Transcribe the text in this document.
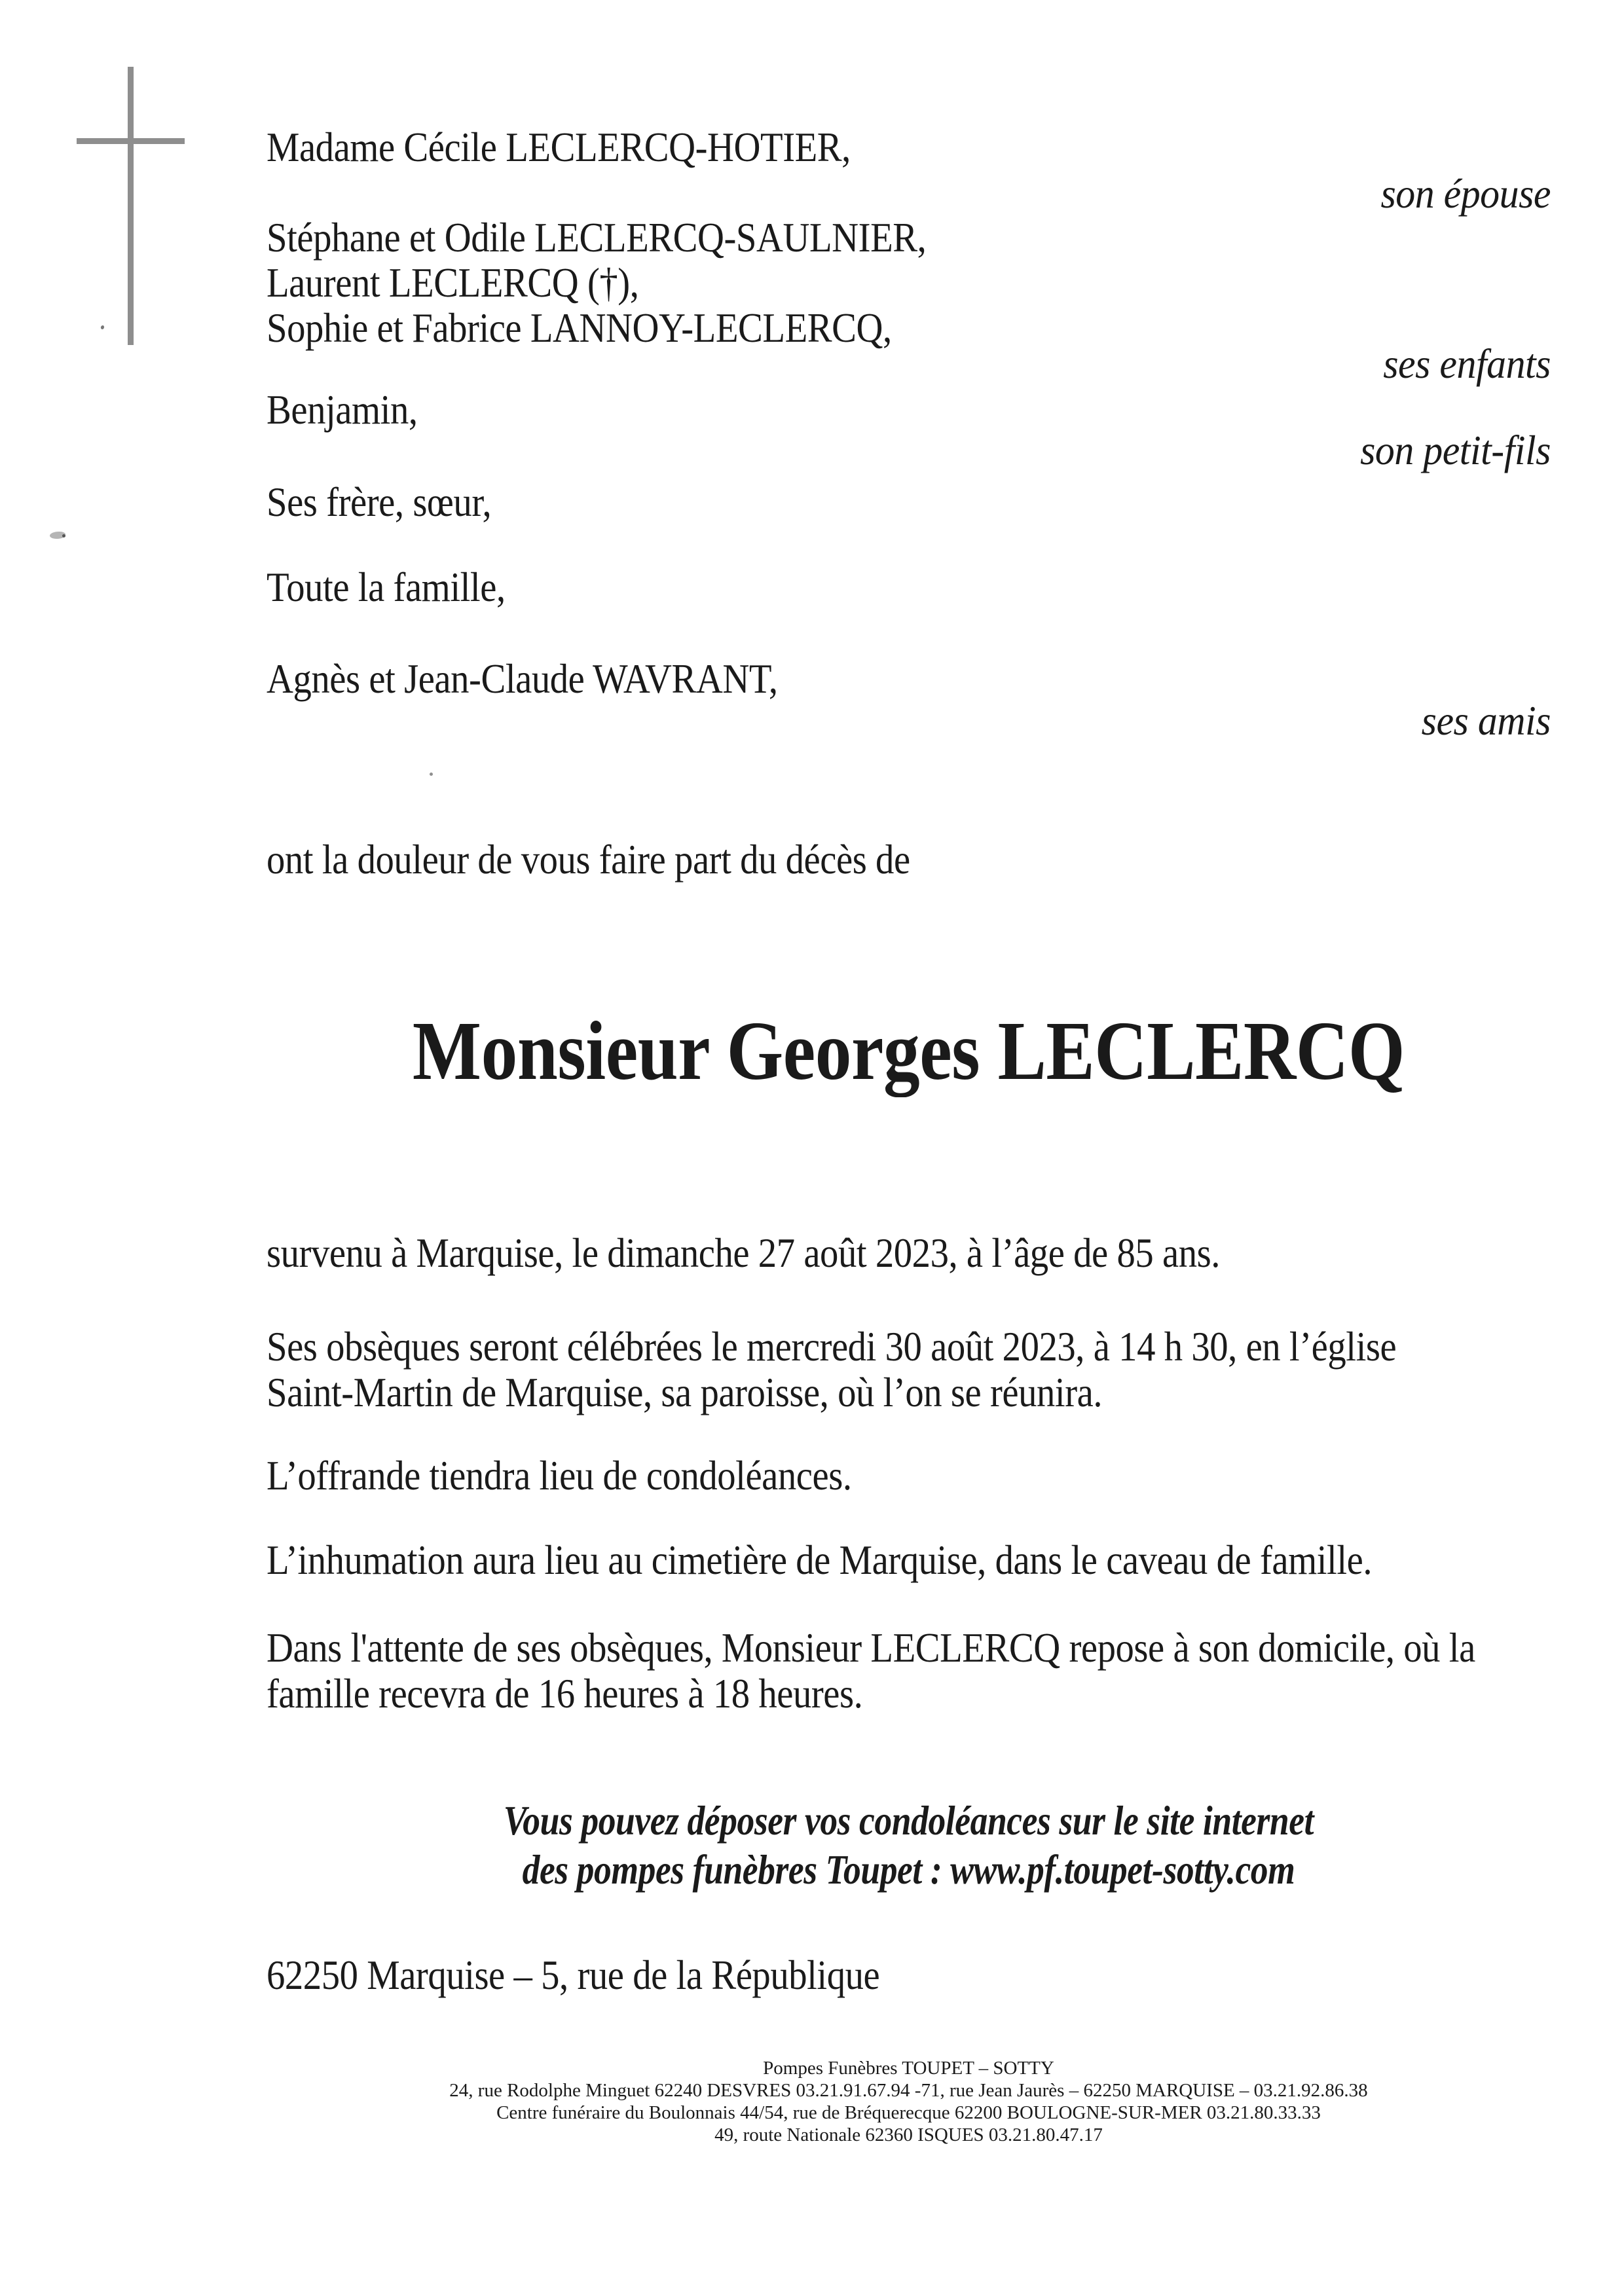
Madame Cécile LECLERCQ-HOTIER,
son épouse
Stéphane et Odile LECLERCQ-SAULNIER,
Laurent LECLERCQ (†),
Sophie et Fabrice LANNOY-LECLERCQ,
ses enfants
Benjamin,
son petit-fils
Ses frère, sœur,
Toute la famille,
Agnès et Jean-Claude WAVRANT,
ses amis
ont la douleur de vous faire part du décès de
Monsieur Georges LECLERCQ
survenu à Marquise, le dimanche 27 août 2023, à l’âge de 85 ans.
Ses obsèques seront célébrées le mercredi 30 août 2023, à 14 h 30, en l’église
Saint-Martin de Marquise, sa paroisse, où l’on se réunira.
L’offrande tiendra lieu de condoléances.
L’inhumation aura lieu au cimetière de Marquise, dans le caveau de famille.
Dans l'attente de ses obsèques, Monsieur LECLERCQ repose à son domicile, où la
famille recevra de 16 heures à 18 heures.
Vous pouvez déposer vos condoléances sur le site internet
des pompes funèbres Toupet : www.pf.toupet-sotty.com
62250 Marquise – 5, rue de la République
Pompes Funèbres TOUPET – SOTTY
24, rue Rodolphe Minguet 62240 DESVRES 03.21.91.67.94 -71, rue Jean Jaurès – 62250 MARQUISE – 03.21.92.86.38
Centre funéraire du Boulonnais 44/54, rue de Bréquerecque 62200 BOULOGNE-SUR-MER 03.21.80.33.33
49, route Nationale 62360 ISQUES 03.21.80.47.17
